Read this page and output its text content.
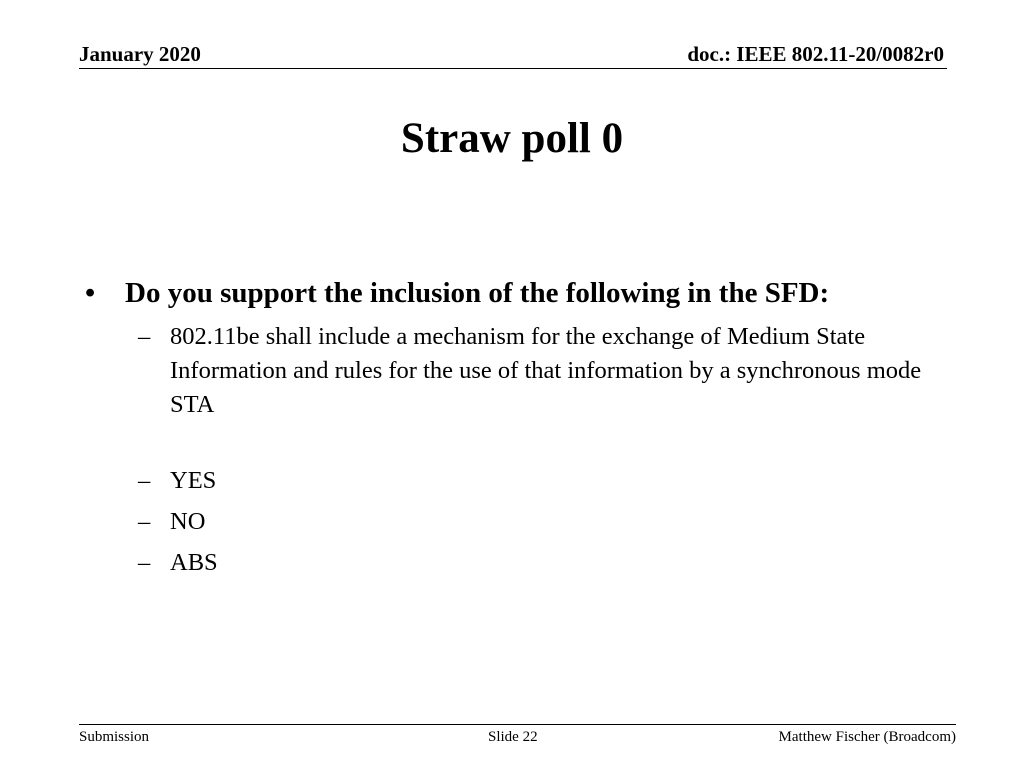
January 2020	doc.: IEEE 802.11-20/0082r0
Straw poll 0
• Do you support the inclusion of the following in the SFD:
– 802.11be shall include a mechanism for the exchange of Medium State Information and rules for the use of that information by a synchronous mode STA
– YES
– NO
– ABS
Submission	Slide 22	Matthew Fischer (Broadcom)
